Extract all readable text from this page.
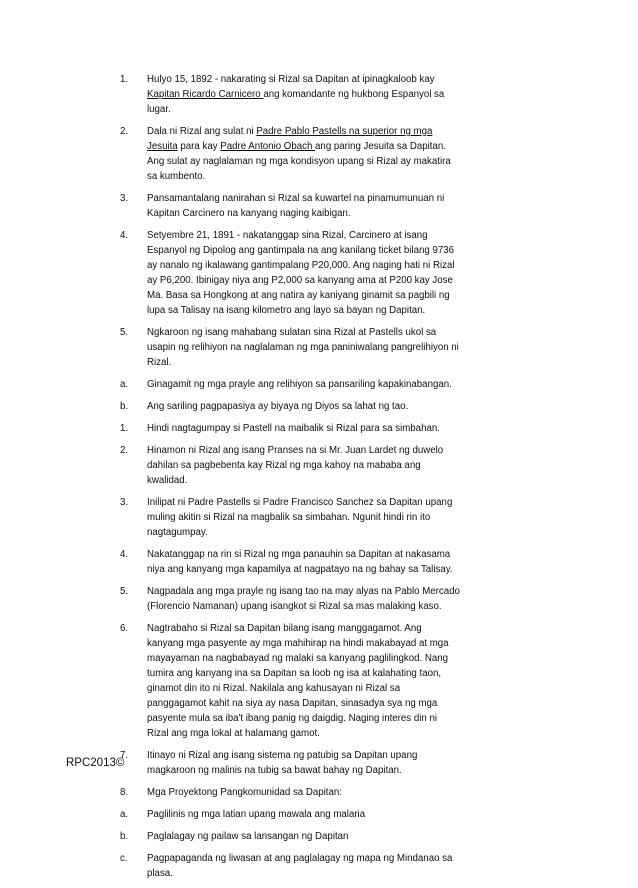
1.	Hulyo 15, 1892 - nakarating si Rizal sa Dapitan at ipinagkaloob kay Kapitan Ricardo Carnicero ang komandante ng hukbong Espanyol sa lugar.
2.	Dala ni Rizal ang sulat ni Padre Pablo Pastells na superior ng mga Jesuita para kay Padre Antonio Obach ang paring Jesuita sa Dapitan. Ang sulat ay naglalaman ng mga kondisyon upang si Rizal ay makatira sa kumbento.
3.	Pansamantalang nanirahan si Rizal sa kuwartel na pinamumunuan ni Kapitan Carcinero na kanyang naging kaibigan.
4.	Setyembre 21, 1891 - nakatanggap sina Rizal, Carcinero at isang Espanyol ng Dipolog ang gantimpala na ang kanilang ticket bilang 9736 ay nanalo ng ikalawang gantimpalang P20,000. Ang naging hati ni Rizal ay P6,200. Ibinigay niya ang P2,000 sa kanyang ama at P200 kay Jose Ma. Basa sa Hongkong at ang natira ay kaniyang ginamit sa pagbili ng lupa sa Talisay na isang kilometro ang layo sa bayan ng Dapitan.
5.	Ngkaroon ng isang mahabang sulatan sina Rizal at Pastells ukol sa usapin ng relihiyon na naglalaman ng mga paniniwalang pangrelihiyon ni Rizal.
a.	Ginagamit ng mga prayle ang relihiyon sa pansariling kapakinabangan.
b.	Ang sariling pagpapasiya ay biyaya ng Diyos sa lahat ng tao.
1.	Hindi nagtagumpay si Pastell na maibalik si Rizal para sa simbahan.
2.	Hinamon ni Rizal ang isang Pranses na si Mr. Juan Lardet ng duwelo dahilan sa pagbebenta kay Rizal ng mga kahoy na mababa ang kwalidad.
3.	Inilipat ni Padre Pastells si Padre Francisco Sanchez sa Dapitan upang muling akitin si Rizal na magbalik sa simbahan. Ngunit hindi rin ito nagtagumpay.
4.	Nakatanggap na rin si Rizal ng mga panauhin sa Dapitan at nakasama niya ang kanyang mga kapamilya at nagpatayo na ng bahay sa Talisay.
5.	Nagpadala ang mga prayle ng isang tao na may alyas na Pablo Mercado (Florencio Namanan) upang isangkot si Rizal sa mas malaking kaso.
6.	Nagtrabaho si Rizal sa Dapitan bilang isang manggagamot. Ang kanyang mga pasyente ay mga mahihirap na hindi makabayad at mga mayayaman na nagbabayad ng malaki sa kanyang paglilingkod. Nang tumira ang kanyang ina sa Dapitan sa loob ng isa at kalahating taon, ginamot din ito ni Rizal. Nakilala ang kahusayan ni Rizal sa panggagamot kahit na siya ay nasa Dapitan, sinasadya sya ng mga pasyente mula sa iba't ibang panig ng daigdig. Naging interes din ni Rizal ang mga lokal at halamang gamot.
7.	Itinayo ni Rizal ang isang sistema ng patubig sa Dapitan upang magkaroon ng malinis na tubig sa bawat bahay ng Dapitan.
8.	Mga Proyektong Pangkomunidad sa Dapitan:
a.	Paglilinis ng mga latian upang mawala ang malaria
b.	Paglalagay ng pailaw sa lansangan ng Dapitan
c.	Pagpapaganda ng liwasan at ang paglalagay ng mapa ng Mindanao sa plasa.
RPC2013©
